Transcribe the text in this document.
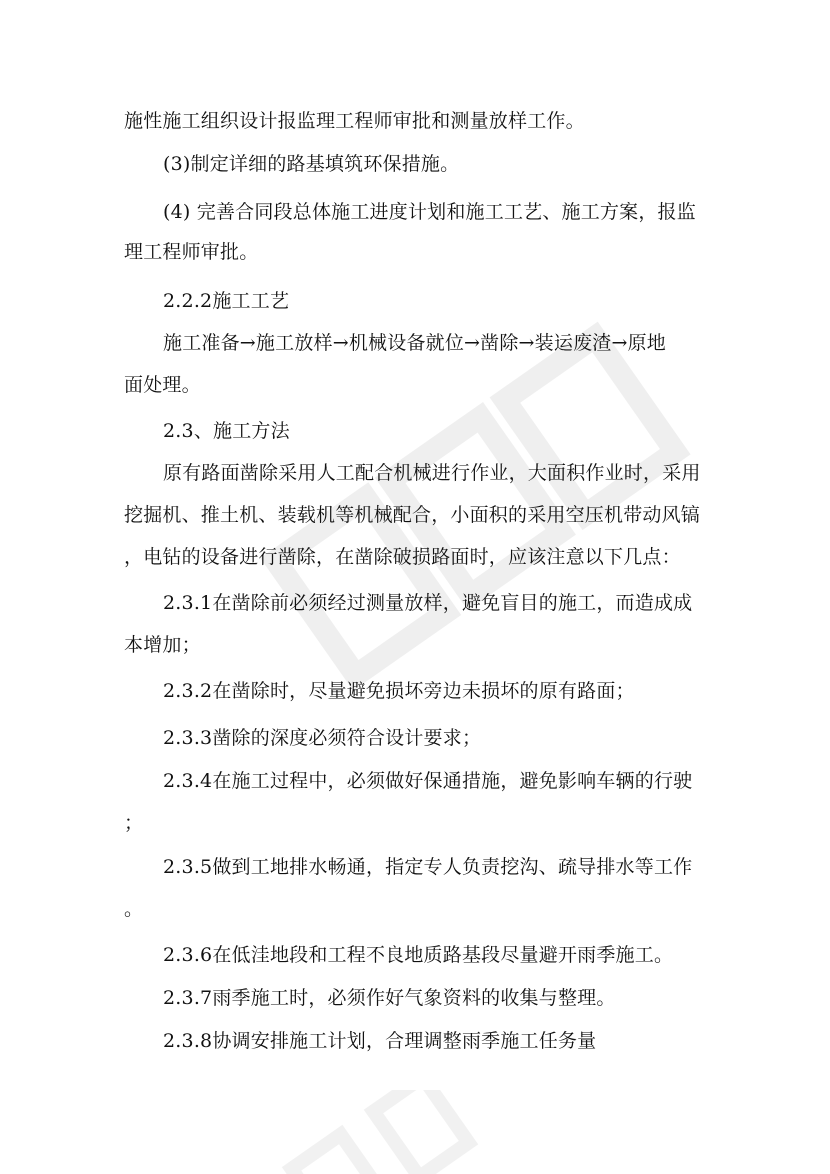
施性施工组织设计报监理工程师审批和测量放样工作。
(3)制定详细的路基填筑环保措施。
(4) 完善合同段总体施工进度计划和施工工艺、施工方案，报监
理工程师审批。
2.2.2施工工艺
施工准备→施工放样→机械设备就位→凿除→装运废渣→原地
面处理。
2.3、施工方法
原有路面凿除采用人工配合机械进行作业，大面积作业时，采用
挖掘机、推土机、装载机等机械配合，小面积的采用空压机带动风镐
，电钻的设备进行凿除，在凿除破损路面时，应该注意以下几点：
2.3.1在凿除前必须经过测量放样，避免盲目的施工，而造成成
本增加；
2.3.2在凿除时，尽量避免损坏旁边未损坏的原有路面；
2.3.3凿除的深度必须符合设计要求；
2.3.4在施工过程中，必须做好保通措施，避免影响车辆的行驶
；
2.3.5做到工地排水畅通，指定专人负责挖沟、疏导排水等工作
。
2.3.6在低洼地段和工程不良地质路基段尽量避开雨季施工。
2.3.7雨季施工时，必须作好气象资料的收集与整理。
2.3.8协调安排施工计划，合理调整雨季施工任务量
